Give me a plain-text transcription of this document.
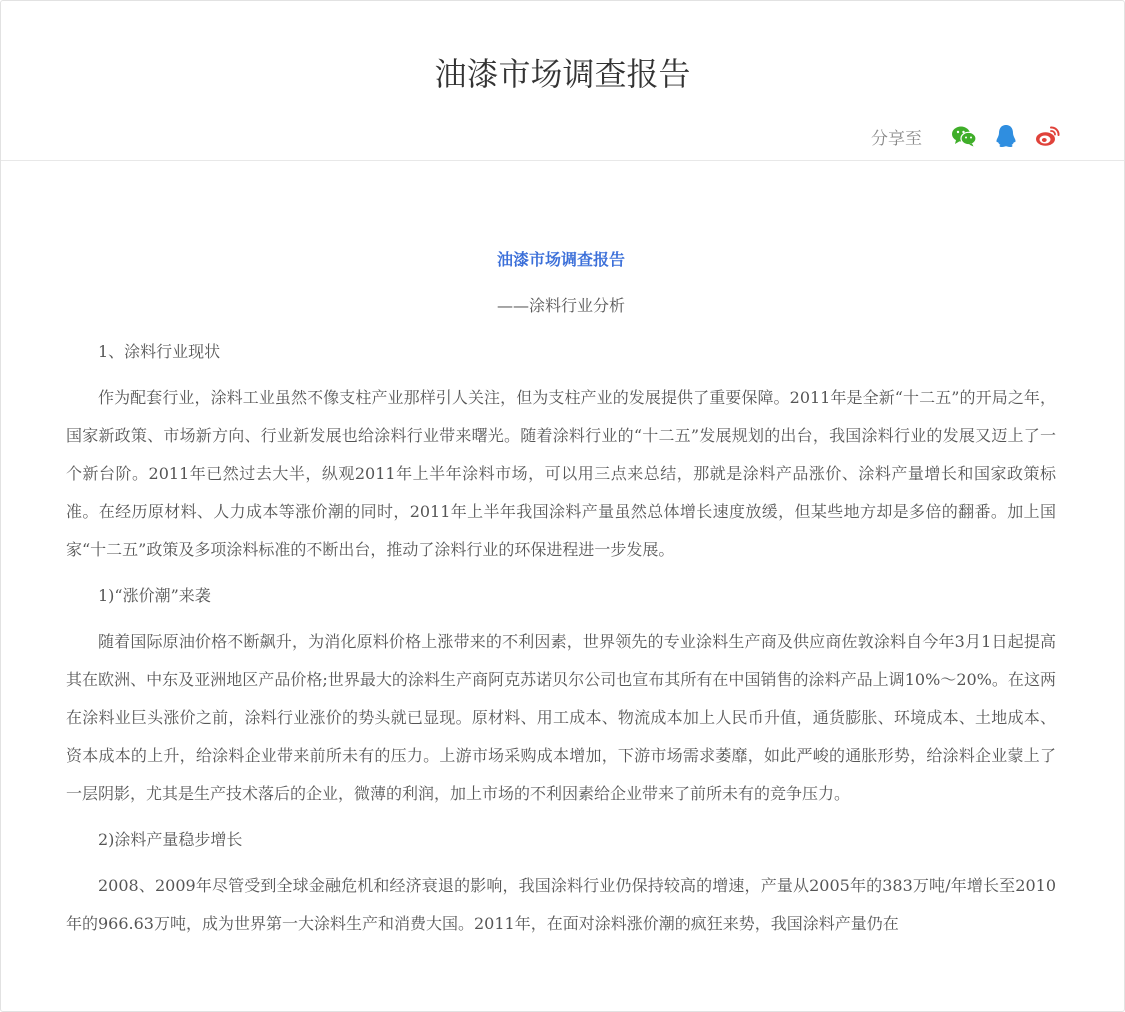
油漆市场调查报告
分享至

油漆市场调查报告

——涂料行业分析

1、涂料行业现状

作为配套行业，涂料工业虽然不像支柱产业那样引人关注，但为支柱产业的发展提供了重要保障。2011年是全新“十二五”的开局之年，国家新政策、市场新方向、行业新发展也给涂料行业带来曙光。随着涂料行业的“十二五”发展规划的出台，我国涂料行业的发展又迈上了一个新台阶。2011年已然过去大半，纵观2011年上半年涂料市场，可以用三点来总结，那就是涂料产品涨价、涂料产量增长和国家政策标准。在经历原材料、人力成本等涨价潮的同时，2011年上半年我国涂料产量虽然总体增长速度放缓，但某些地方却是多倍的翻番。加上国家“十二五”政策及多项涂料标准的不断出台，推动了涂料行业的环保进程进一步发展。

1)“涨价潮”来袭

随着国际原油价格不断飙升，为消化原料价格上涨带来的不利因素，世界领先的专业涂料生产商及供应商佐敦涂料自今年3月1日起提高其在欧洲、中东及亚洲地区产品价格;世界最大的涂料生产商阿克苏诺贝尔公司也宣布其所有在中国销售的涂料产品上调10%～20%。在这两在涂料业巨头涨价之前，涂料行业涨价的势头就已显现。原材料、用工成本、物流成本加上人民币升值，通货膨胀、环境成本、土地成本、资本成本的上升，给涂料企业带来前所未有的压力。上游市场采购成本增加，下游市场需求萎靡，如此严峻的通胀形势，给涂料企业蒙上了一层阴影，尤其是生产技术落后的企业，微薄的利润，加上市场的不利因素给企业带来了前所未有的竞争压力。

2)涂料产量稳步增长

2008、2009年尽管受到全球金融危机和经济衰退的影响，我国涂料行业仍保持较高的增速，产量从2005年的383万吨/年增长至2010年的966.63万吨，成为世界第一大涂料生产和消费大国。2011年，在面对涂料涨价潮的疯狂来势，我国涂料产量仍在
